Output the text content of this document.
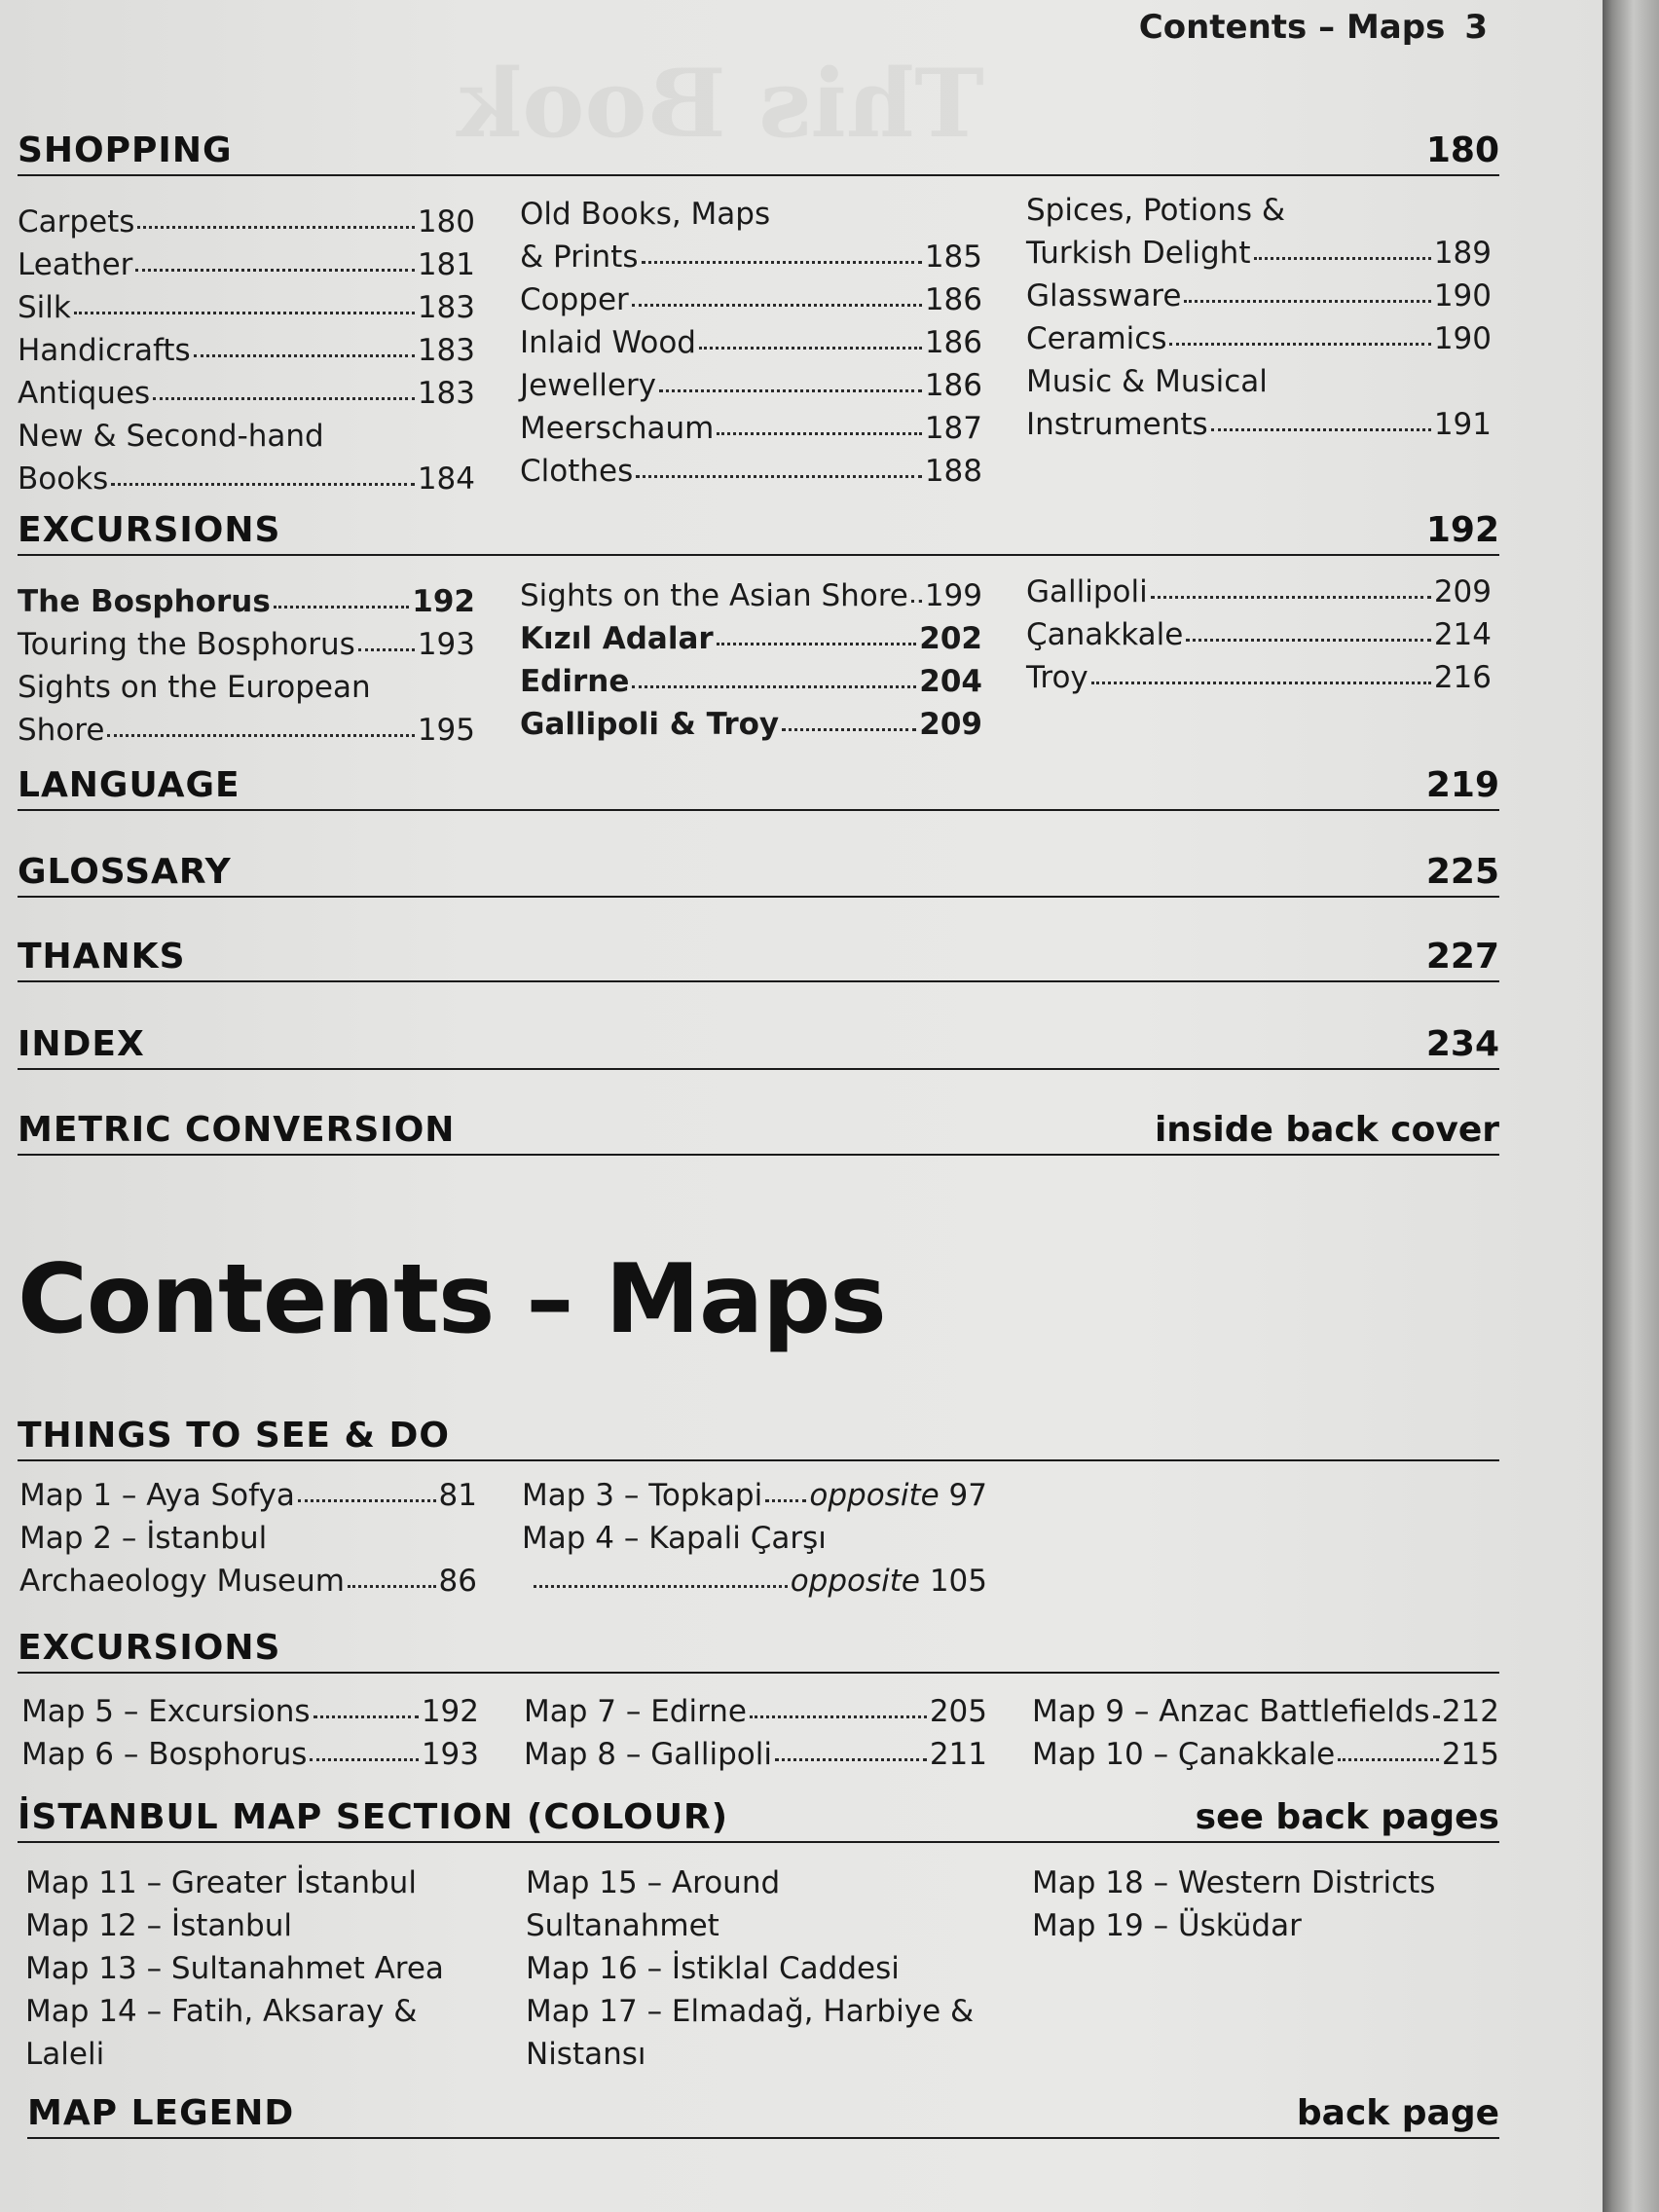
This Book
Contents – Maps 3
SHOPPING	180
Carpets	180
Leather	181
Silk	183
Handicrafts	183
Antiques	183
New & Second-hand
Books	184
Old Books, Maps
& Prints	185
Copper	186
Inlaid Wood	186
Jewellery	186
Meerschaum	187
Clothes	188
Spices, Potions &
Turkish Delight	189
Glassware	190
Ceramics	190
Music & Musical
Instruments	191
EXCURSIONS	192
The Bosphorus	192
Touring the Bosphorus 193
Sights on the European
Shore	195
Sights on the Asian Shore 199
Kızıl Adalar	202
Edirne	204
Gallipoli & Troy	209
Gallipoli	209
Çanakkale	214
Troy	216
LANGUAGE	219
GLOSSARY	225
THANKS	227
INDEX	234
METRIC CONVERSION	inside back cover
Contents – Maps
THINGS TO SEE & DO
Map 1 – Aya Sofya	81
Map 2 – İstanbul
Archaeology Museum	86
Map 3 – Topkapi opposite 97
Map 4 – Kapali Çarşı
opposite 105
EXCURSIONS
Map 5 – Excursions	192
Map 6 – Bosphorus	193
Map 7 – Edirne	205
Map 8 – Gallipoli	211
Map 9 – Anzac Battlefields 212
Map 10 – Çanakkale	215
İSTANBUL MAP SECTION (COLOUR)	see back pages
Map 11 – Greater İstanbul
Map 12 – İstanbul
Map 13 – Sultanahmet Area
Map 14 – Fatih, Aksaray &
Laleli
Map 15 – Around
Sultanahmet
Map 16 – İstiklal Caddesi
Map 17 – Elmadağ, Harbiye &
Nistansı
Map 18 – Western Districts
Map 19 – Üsküdar
MAP LEGEND	back page
